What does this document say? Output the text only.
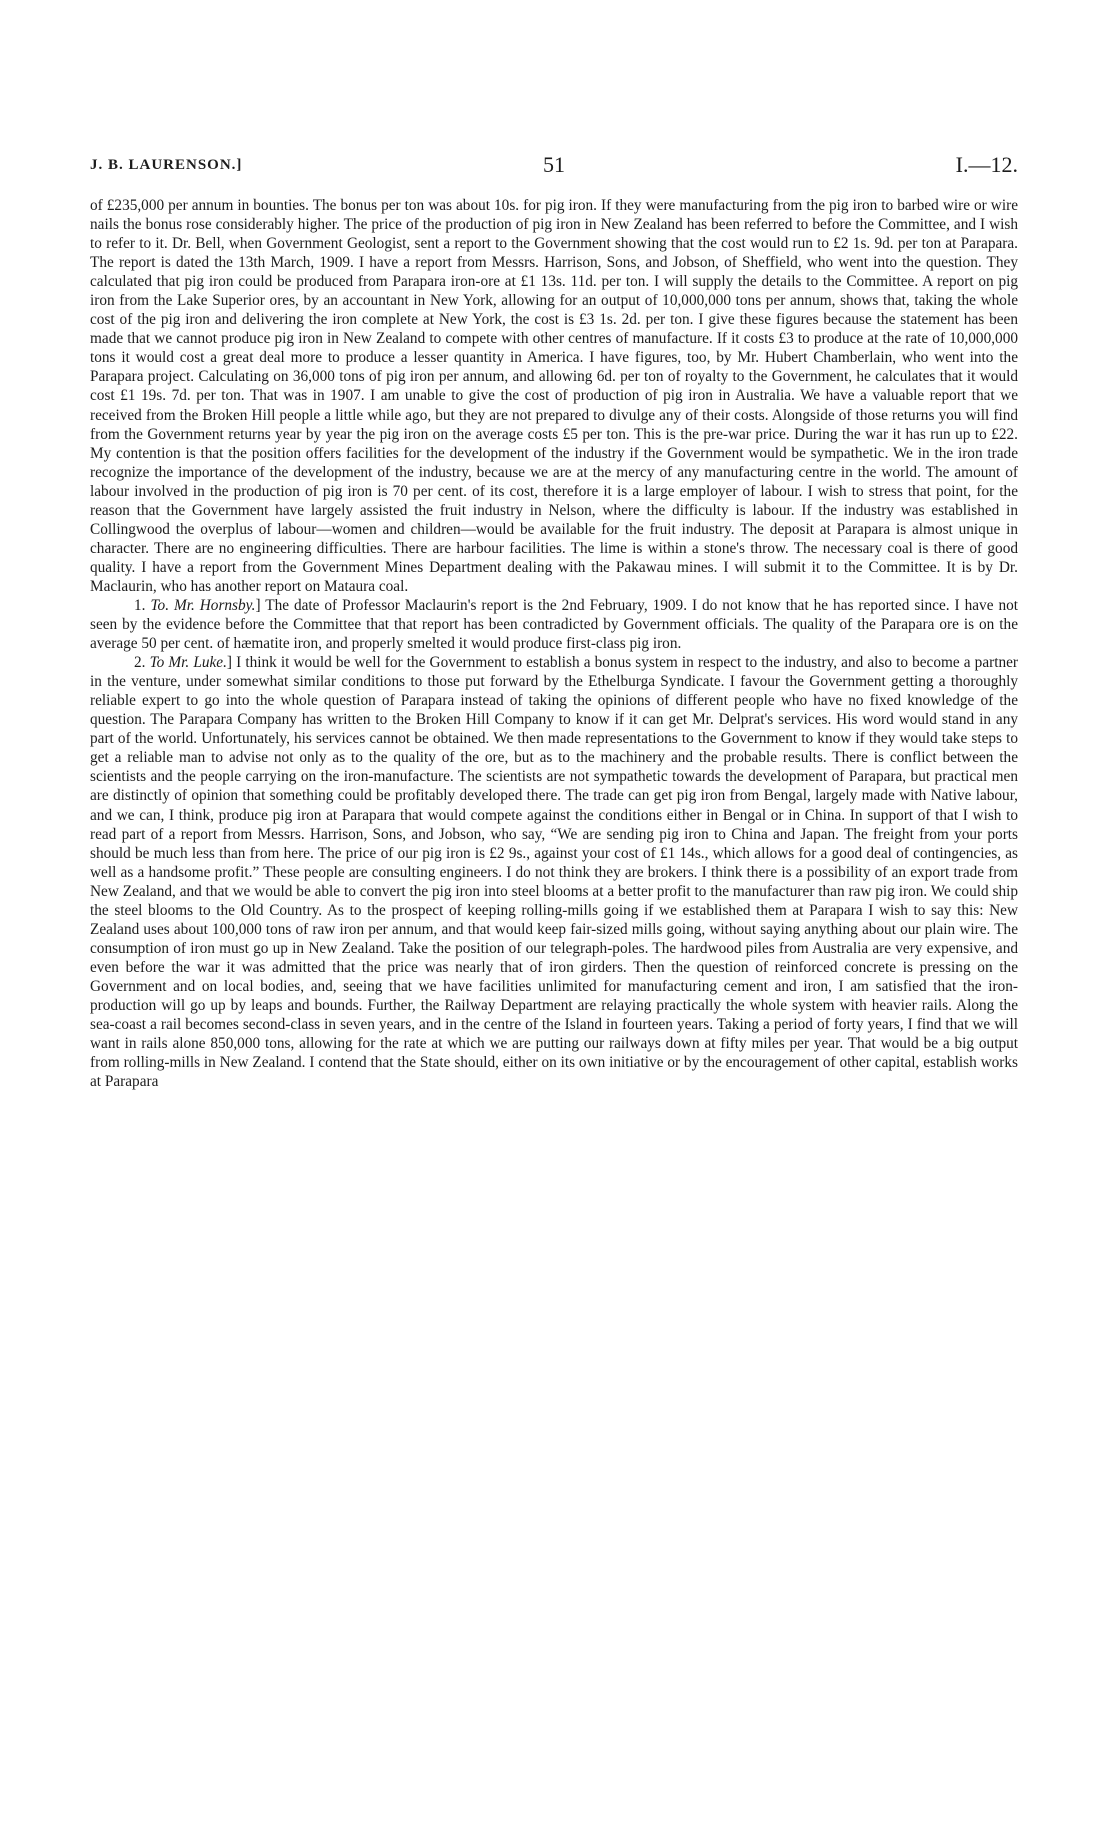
J. B. LAURENSON.]	51	I.—12.

of £235,000 per annum in bounties. The bonus per ton was about 10s. for pig iron. If they were manufacturing from the pig iron to barbed wire or wire nails the bonus rose considerably higher. The price of the production of pig iron in New Zealand has been referred to before the Committee, and I wish to refer to it. Dr. Bell, when Government Geologist, sent a report to the Government showing that the cost would run to £2 1s. 9d. per ton at Parapara. The report is dated the 13th March, 1909. I have a report from Messrs. Harrison, Sons, and Jobson, of Sheffield, who went into the question. They calculated that pig iron could be produced from Parapara iron-ore at £1 13s. 11d. per ton. I will supply the details to the Committee. A report on pig iron from the Lake Superior ores, by an accountant in New York, allowing for an output of 10,000,000 tons per annum, shows that, taking the whole cost of the pig iron and delivering the iron complete at New York, the cost is £3 1s. 2d. per ton. I give these figures because the statement has been made that we cannot produce pig iron in New Zealand to compete with other centres of manufacture. If it costs £3 to produce at the rate of 10,000,000 tons it would cost a great deal more to produce a lesser quantity in America. I have figures, too, by Mr. Hubert Chamberlain, who went into the Parapara project. Calculating on 36,000 tons of pig iron per annum, and allowing 6d. per ton of royalty to the Government, he calculates that it would cost £1 19s. 7d. per ton. That was in 1907. I am unable to give the cost of production of pig iron in Australia. We have a valuable report that we received from the Broken Hill people a little while ago, but they are not prepared to divulge any of their costs. Alongside of those returns you will find from the Government returns year by year the pig iron on the average costs £5 per ton. This is the pre-war price. During the war it has run up to £22. My contention is that the position offers facilities for the development of the industry if the Government would be sympathetic. We in the iron trade recognize the importance of the development of the industry, because we are at the mercy of any manufacturing centre in the world. The amount of labour involved in the production of pig iron is 70 per cent. of its cost, therefore it is a large employer of labour. I wish to stress that point, for the reason that the Government have largely assisted the fruit industry in Nelson, where the difficulty is labour. If the industry was established in Collingwood the overplus of labour—women and children—would be available for the fruit industry. The deposit at Parapara is almost unique in character. There are no engineering difficulties. There are harbour facilities. The lime is within a stone's throw. The necessary coal is there of good quality. I have a report from the Government Mines Department dealing with the Pakawau mines. I will submit it to the Committee. It is by Dr. Maclaurin, who has another report on Mataura coal.

1. To. Mr. Hornsby.] The date of Professor Maclaurin's report is the 2nd February, 1909. I do not know that he has reported since. I have not seen by the evidence before the Committee that that report has been contradicted by Government officials. The quality of the Parapara ore is on the average 50 per cent. of hæmatite iron, and properly smelted it would produce first-class pig iron.

2. To Mr. Luke.] I think it would be well for the Government to establish a bonus system in respect to the industry, and also to become a partner in the venture, under somewhat similar conditions to those put forward by the Ethelburga Syndicate. I favour the Government getting a thoroughly reliable expert to go into the whole question of Parapara instead of taking the opinions of different people who have no fixed knowledge of the question. The Parapara Company has written to the Broken Hill Company to know if it can get Mr. Delprat's services. His word would stand in any part of the world. Unfortunately, his services cannot be obtained. We then made representations to the Government to know if they would take steps to get a reliable man to advise not only as to the quality of the ore, but as to the machinery and the probable results. There is conflict between the scientists and the people carrying on the iron-manufacture. The scientists are not sympathetic towards the development of Parapara, but practical men are distinctly of opinion that something could be profitably developed there. The trade can get pig iron from Bengal, largely made with Native labour, and we can, I think, produce pig iron at Parapara that would compete against the conditions either in Bengal or in China. In support of that I wish to read part of a report from Messrs. Harrison, Sons, and Jobson, who say, “We are sending pig iron to China and Japan. The freight from your ports should be much less than from here. The price of our pig iron is £2 9s., against your cost of £1 14s., which allows for a good deal of contingencies, as well as a handsome profit.” These people are consulting engineers. I do not think they are brokers. I think there is a possibility of an export trade from New Zealand, and that we would be able to convert the pig iron into steel blooms at a better profit to the manufacturer than raw pig iron. We could ship the steel blooms to the Old Country. As to the prospect of keeping rolling-mills going if we established them at Parapara I wish to say this: New Zealand uses about 100,000 tons of raw iron per annum, and that would keep fair-sized mills going, without saying anything about our plain wire. The consumption of iron must go up in New Zealand. Take the position of our telegraph-poles. The hardwood piles from Australia are very expensive, and even before the war it was admitted that the price was nearly that of iron girders. Then the question of reinforced concrete is pressing on the Government and on local bodies, and, seeing that we have facilities unlimited for manufacturing cement and iron, I am satisfied that the iron-production will go up by leaps and bounds. Further, the Railway Department are relaying practically the whole system with heavier rails. Along the sea-coast a rail becomes second-class in seven years, and in the centre of the Island in fourteen years. Taking a period of forty years, I find that we will want in rails alone 850,000 tons, allowing for the rate at which we are putting our railways down at fifty miles per year. That would be a big output from rolling-mills in New Zealand. I contend that the State should, either on its own initiative or by the encouragement of other capital, establish works at Parapara
